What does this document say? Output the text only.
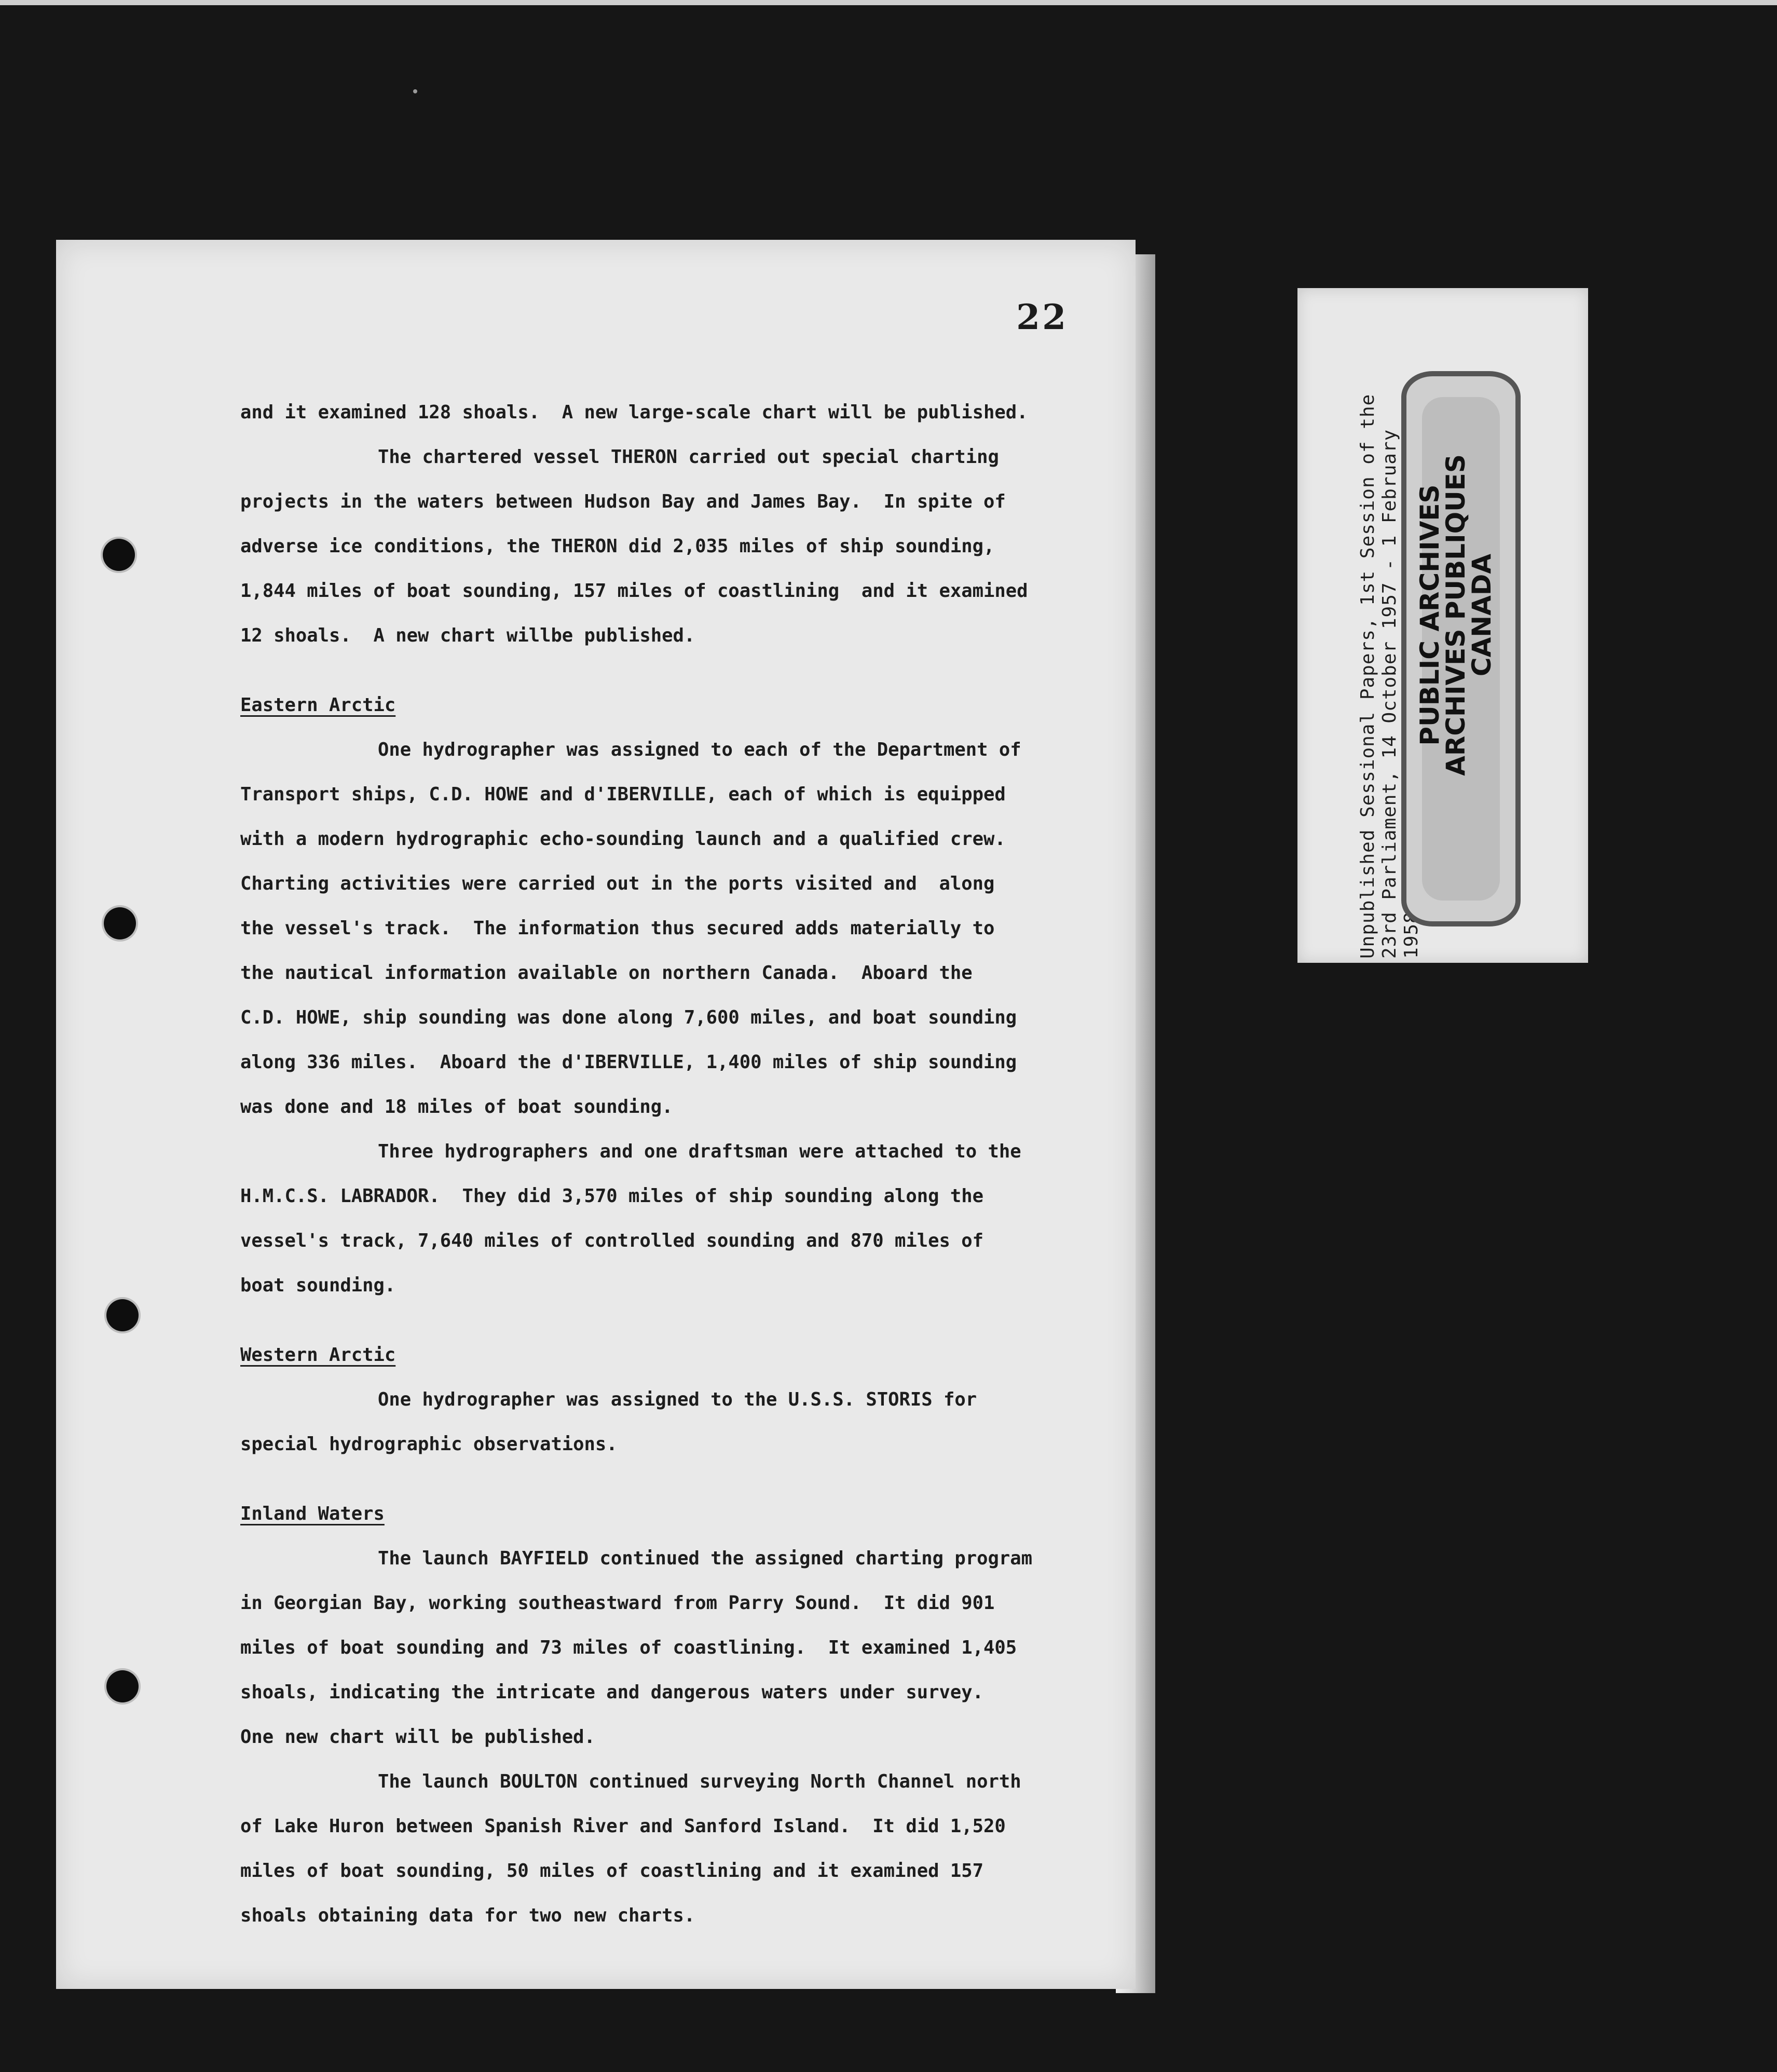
22
and it examined 128 shoals.  A new large-scale chart will be published.
The chartered vessel THERON carried out special charting
projects in the waters between Hudson Bay and James Bay.  In spite of
adverse ice conditions, the THERON did 2,035 miles of ship sounding,
1,844 miles of boat sounding, 157 miles of coastlining  and it examined
12 shoals.  A new chart willbe published.
Eastern Arctic
One hydrographer was assigned to each of the Department of
Transport ships, C.D. HOWE and d'IBERVILLE, each of which is equipped
with a modern hydrographic echo-sounding launch and a qualified crew.
Charting activities were carried out in the ports visited and  along
the vessel's track.  The information thus secured adds materially to
the nautical information available on northern Canada.  Aboard the
C.D. HOWE, ship sounding was done along 7,600 miles, and boat sounding
along 336 miles.  Aboard the d'IBERVILLE, 1,400 miles of ship sounding
was done and 18 miles of boat sounding.
Three hydrographers and one draftsman were attached to the
H.M.C.S. LABRADOR.  They did 3,570 miles of ship sounding along the
vessel's track, 7,640 miles of controlled sounding and 870 miles of
boat sounding.
Western Arctic
One hydrographer was assigned to the U.S.S. STORIS for
special hydrographic observations.
Inland Waters
The launch BAYFIELD continued the assigned charting program
in Georgian Bay, working southeastward from Parry Sound.  It did 901
miles of boat sounding and 73 miles of coastlining.  It examined 1,405
shoals, indicating the intricate and dangerous waters under survey.
One new chart will be published.
The launch BOULTON continued surveying North Channel north
of Lake Huron between Spanish River and Sanford Island.  It did 1,520
miles of boat sounding, 50 miles of coastlining and it examined 157
shoals obtaining data for two new charts.
Unpublished Sessional Papers, 1st Session of the 23rd Parliament, 14 October 1957 - 1 February PUBLIC ARCHIVES
ARCHIVES PUBLIQUES
CANADA
